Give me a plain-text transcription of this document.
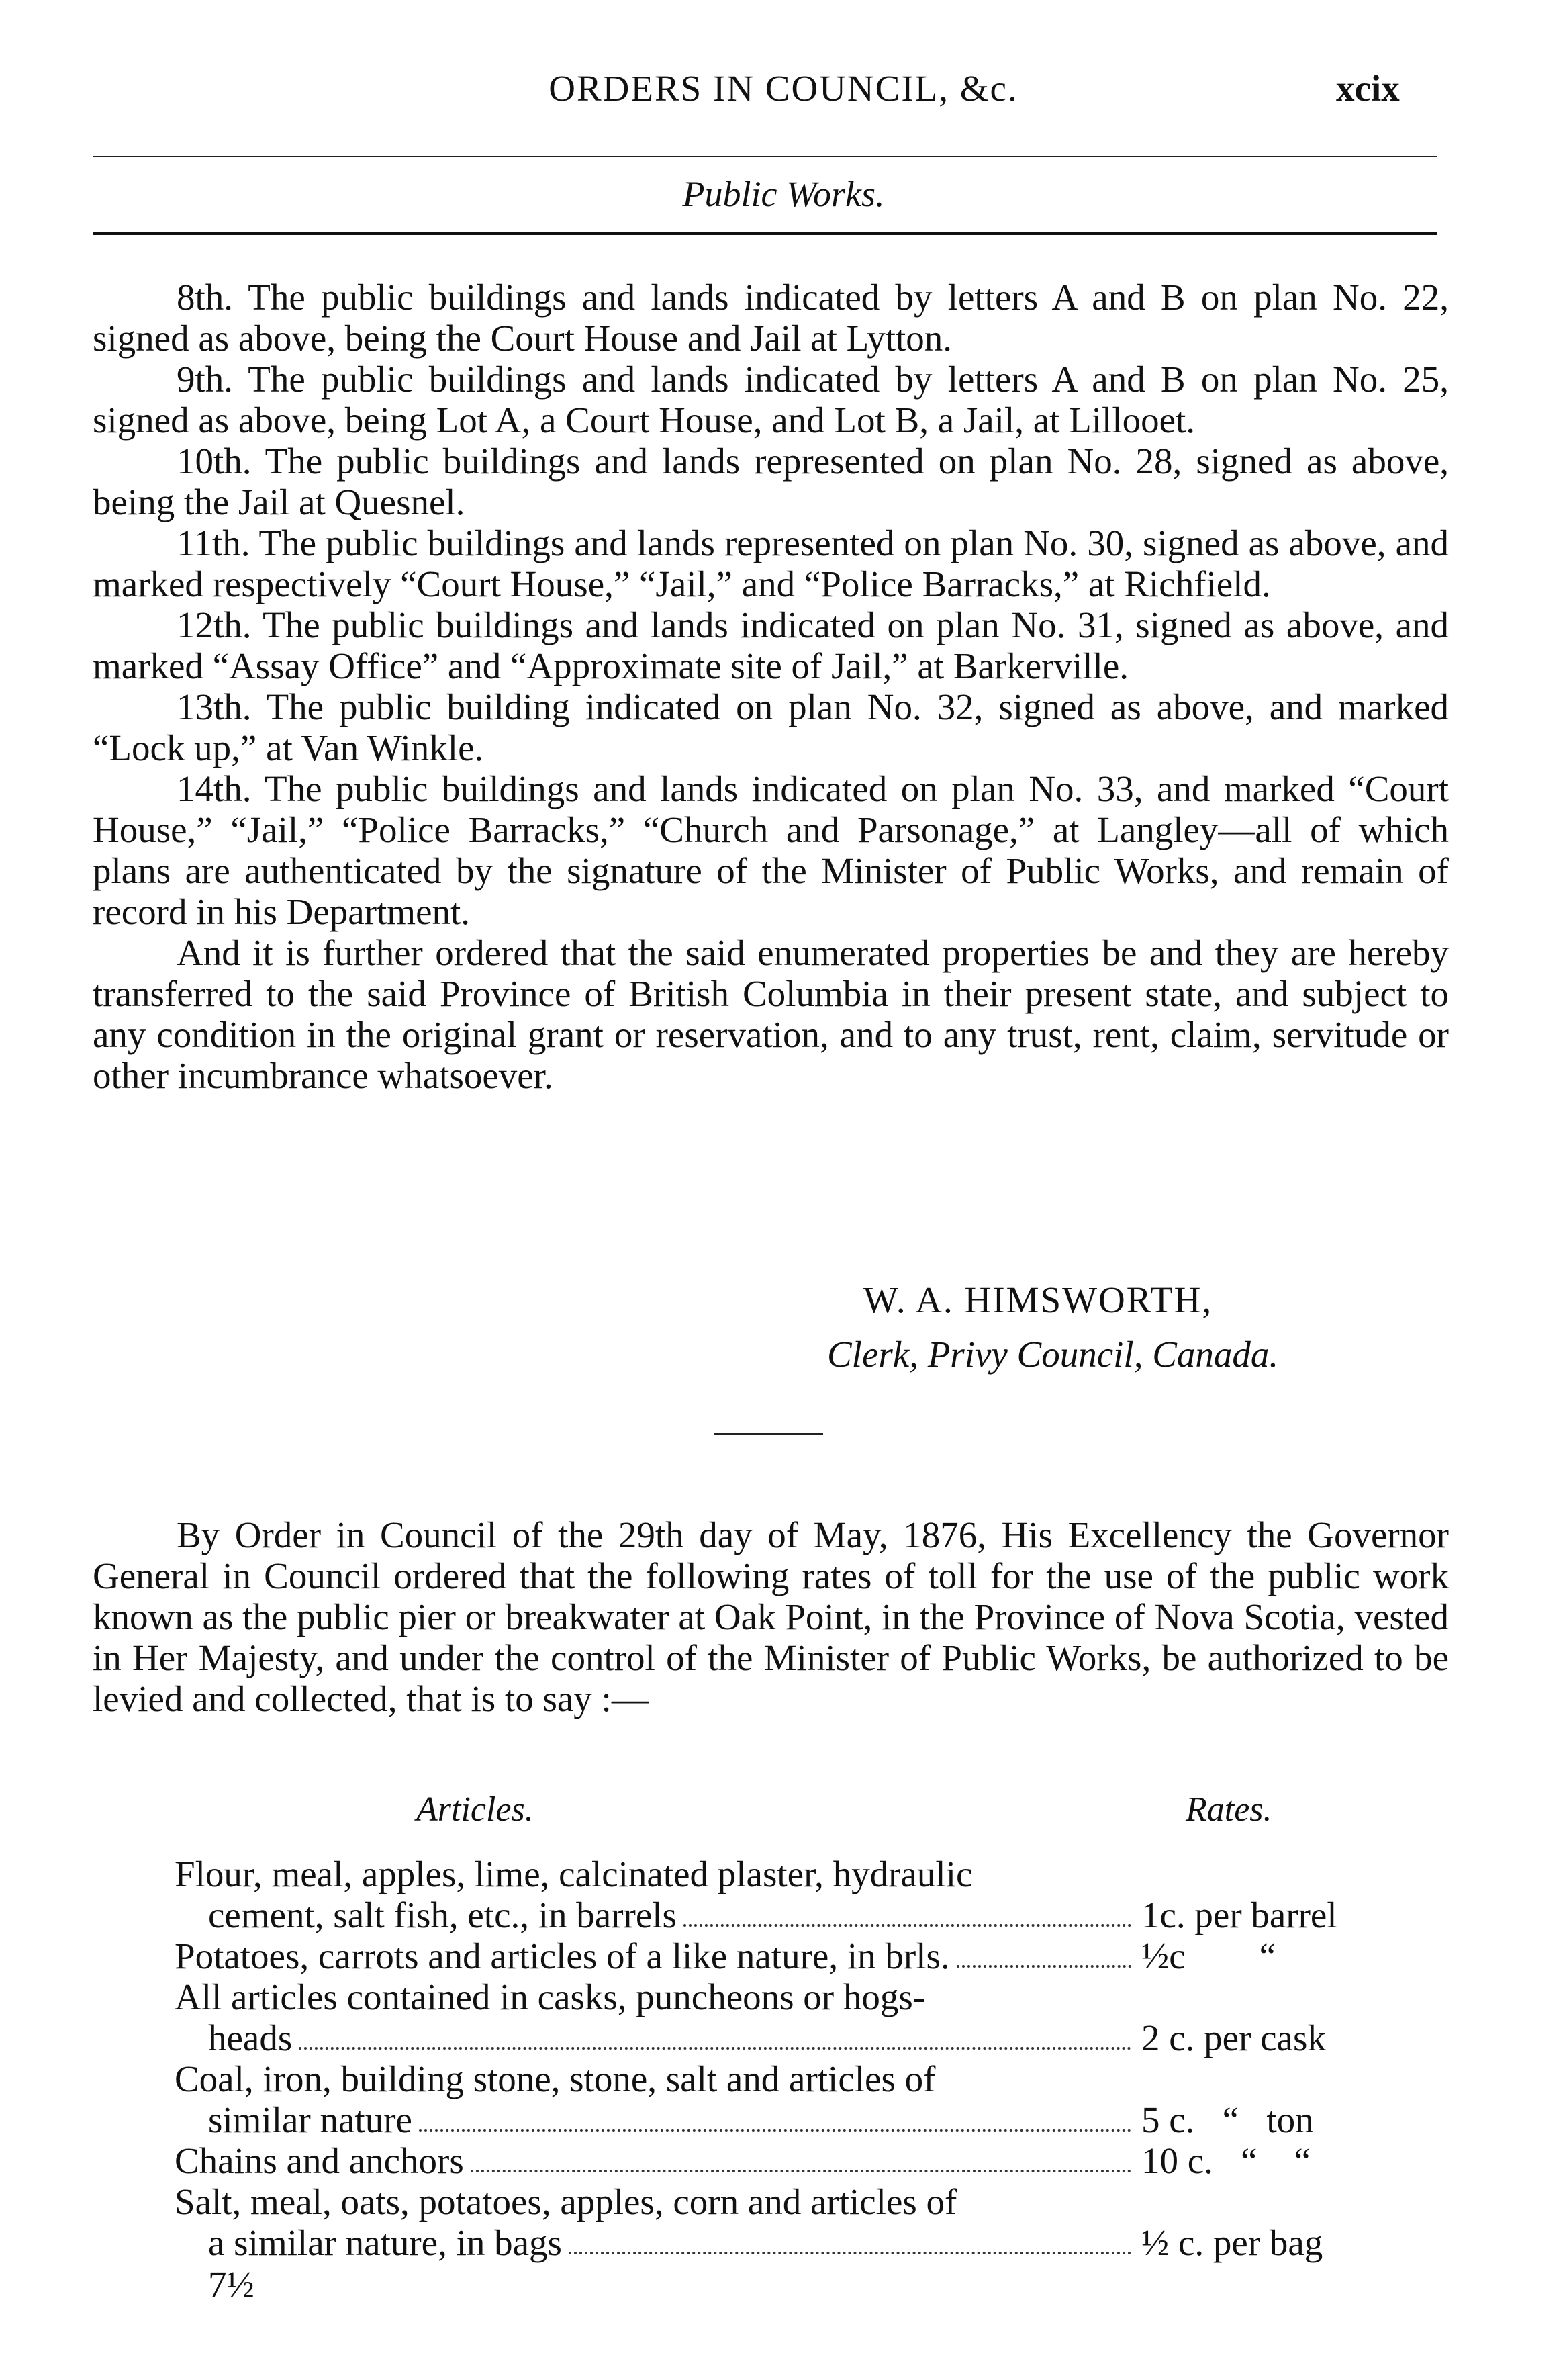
ORDERS IN COUNCIL, &c.	xcix
Public Works.

8th. The public buildings and lands indicated by letters A and B on plan No. 22, signed as above, being the Court House and Jail at Lytton.

9th. The public buildings and lands indicated by letters A and B on plan No. 25, signed as above, being Lot A, a Court House, and Lot B, a Jail, at Lillooet.

10th. The public buildings and lands represented on plan No. 28, signed as above, being the Jail at Quesnel.

11th. The public buildings and lands represented on plan No. 30, signed as above, and marked respectively “Court House,” “Jail,” and “Police Barracks,” at Richfield.

12th. The public buildings and lands indicated on plan No. 31, signed as above, and marked “Assay Office” and “Approximate site of Jail,” at Barkerville.

13th. The public building indicated on plan No. 32, signed as above, and marked “Lock up,” at Van Winkle.

14th. The public buildings and lands indicated on plan No. 33, and marked “Court House,” “Jail,” “Police Barracks,” “Church and Parsonage,” at Langley—all of which plans are authenticated by the signature of the Minister of Public Works, and remain of record in his Department.

And it is further ordered that the said enumerated properties be and they are hereby transferred to the said Province of British Columbia in their present state, and subject to any condition in the original grant or reservation, and to any trust, rent, claim, servitude or other incumbrance whatsoever.

W. A. HIMSWORTH,
Clerk, Privy Council, Canada.

By Order in Council of the 29th day of May, 1876, His Excellency the Governor General in Council ordered that the following rates of toll for the use of the public work known as the public pier or breakwater at Oak Point, in the Province of Nova Scotia, vested in Her Majesty, and under the control of the Minister of Public Works, be authorized to be levied and collected, that is to say :—

Articles.	Rates.
Flour, meal, apples, lime, calcinated plaster, hydraulic
cement, salt fish, etc., in barrels	1c. per barrel
Potatoes, carrots and articles of a like nature, in brls.	½c        “
All articles contained in casks, puncheons or hogs-
heads	2 c. per cask
Coal, iron, building stone, stone, salt and articles of
similar nature	5 c.   “   ton
Chains and anchors	10 c.   “    “
Salt, meal, oats, potatoes, apples, corn and articles of
a similar nature, in bags	½ c. per bag
7½
